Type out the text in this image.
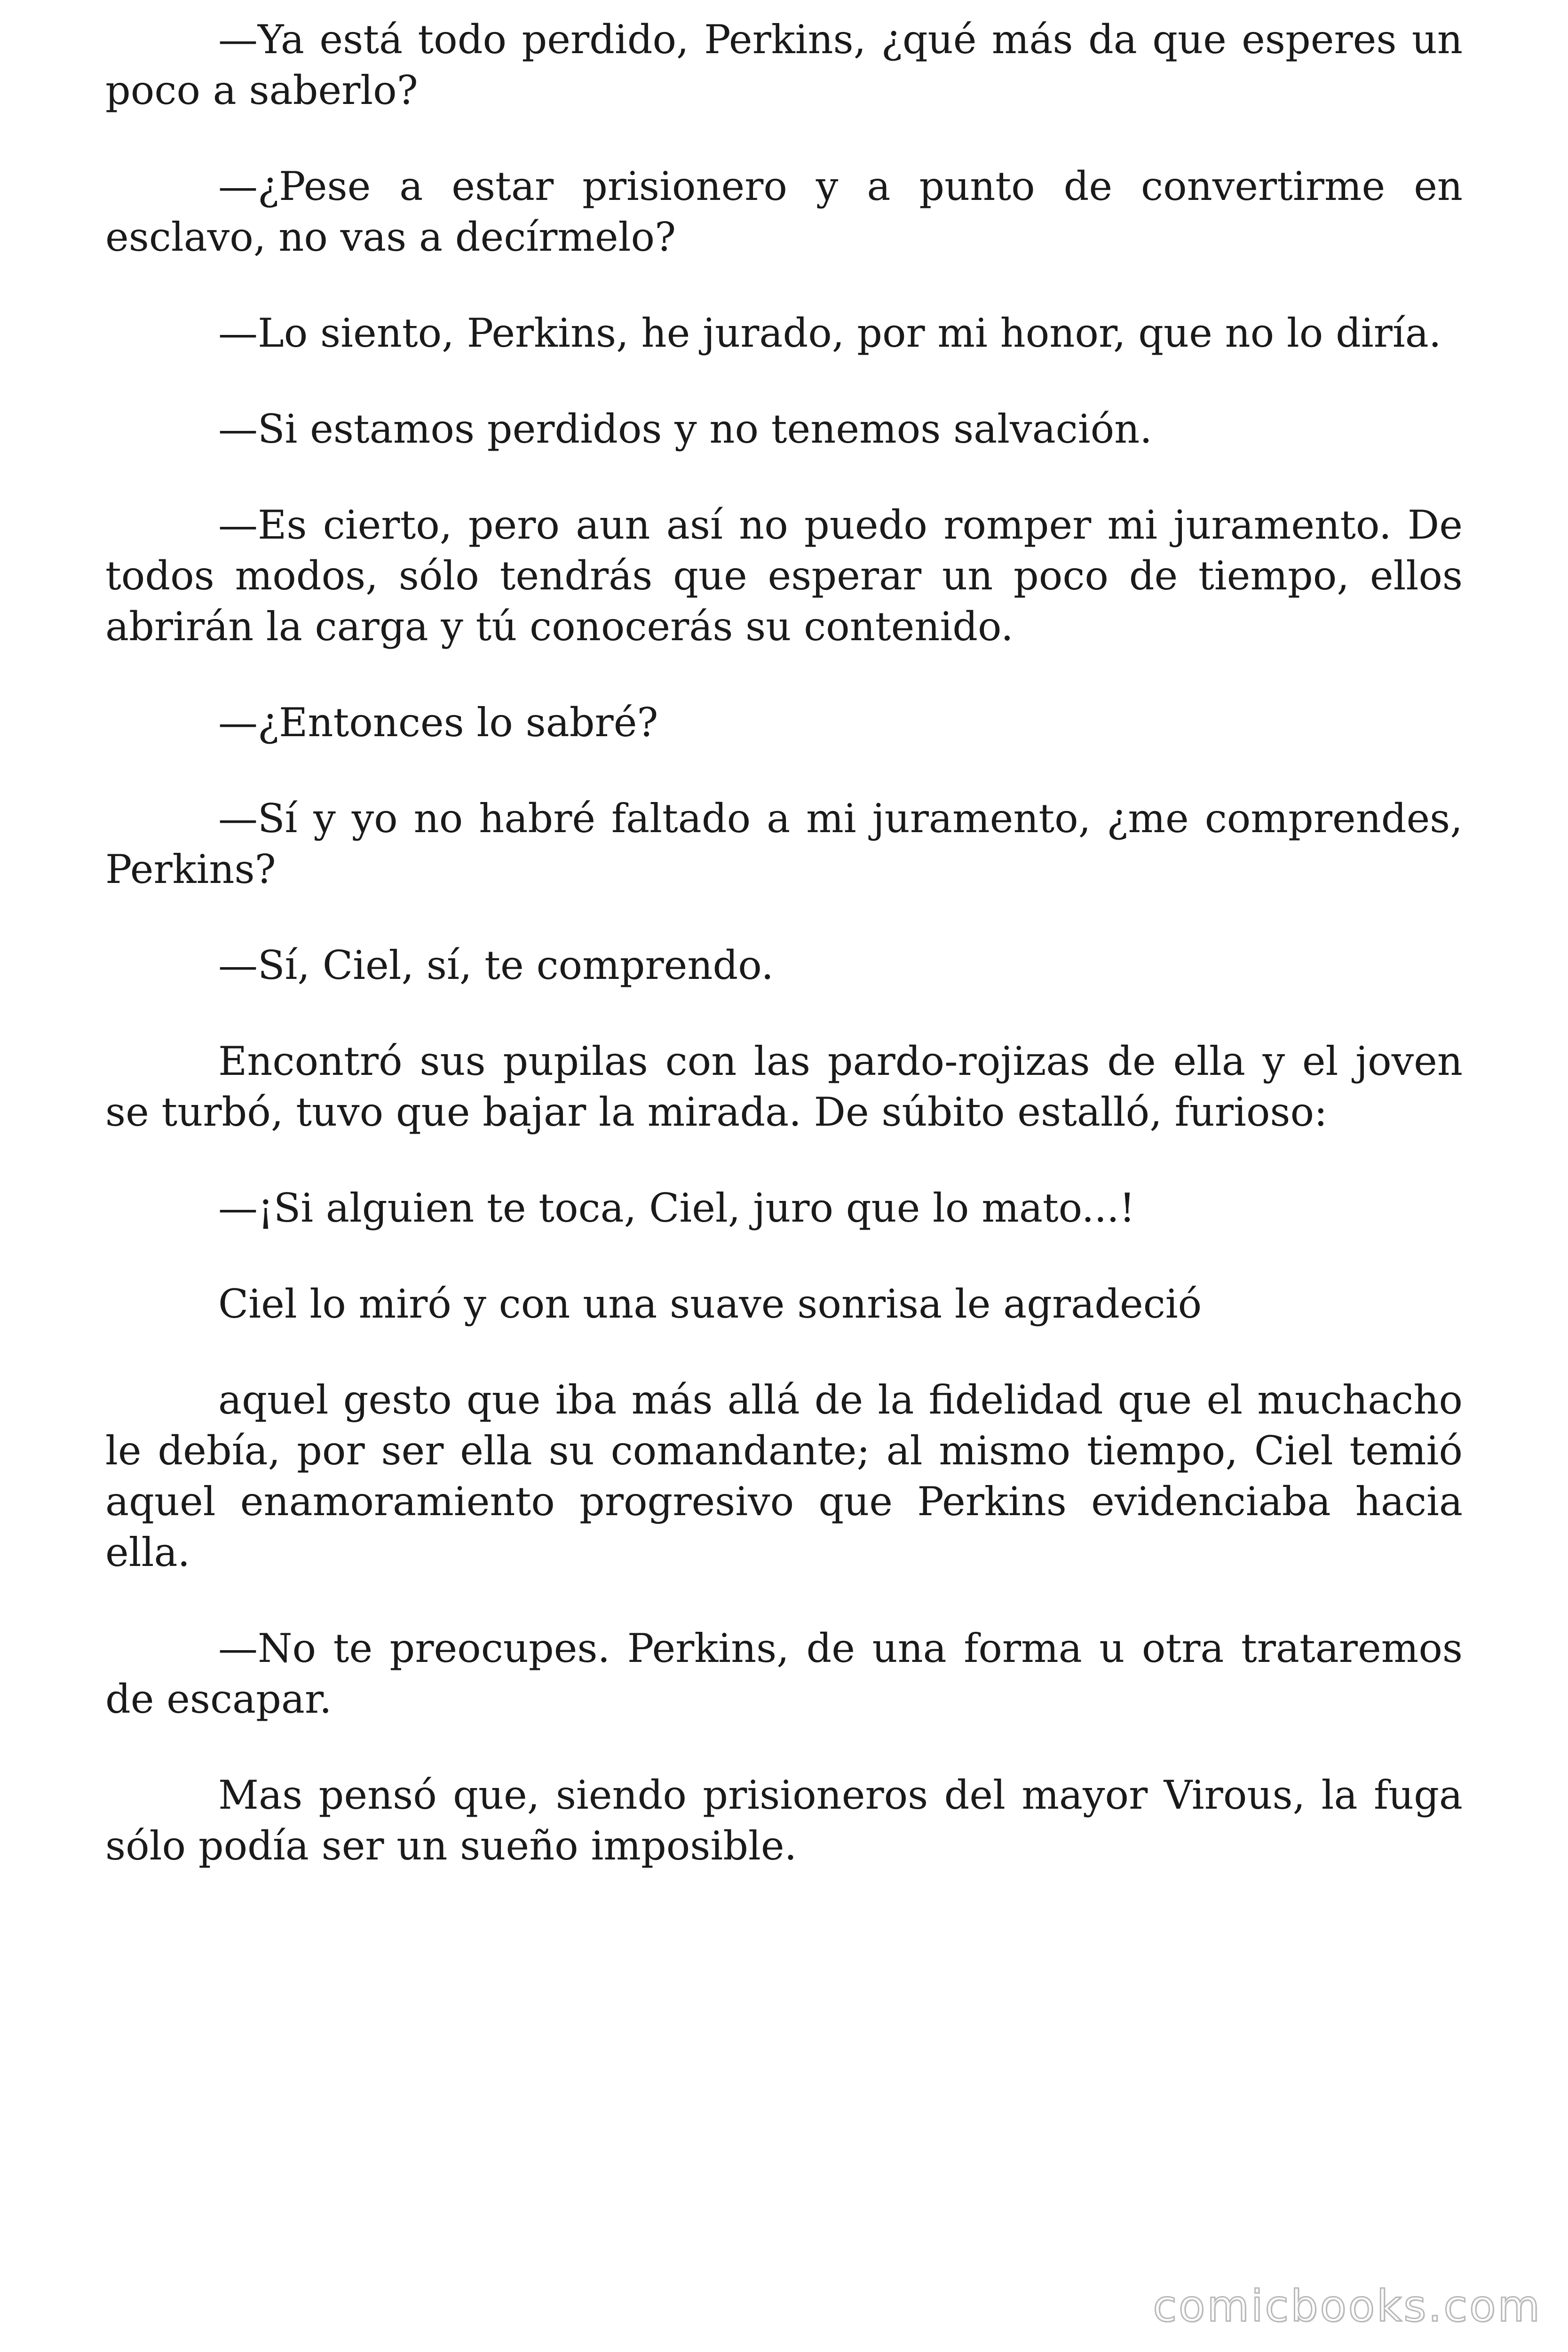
—Ya está todo perdido, Perkins, ¿qué más da que esperes un poco a saberlo?

—¿Pese a estar prisionero y a punto de convertirme en esclavo, no vas a decírmelo?

—Lo siento, Perkins, he jurado, por mi honor, que no lo diría.

—Si estamos perdidos y no tenemos salvación.

—Es cierto, pero aun así no puedo romper mi juramento. De todos modos, sólo tendrás que esperar un poco de tiempo, ellos abrirán la carga y tú conocerás su contenido.

—¿Entonces lo sabré?

—Sí y yo no habré faltado a mi juramento, ¿me comprendes, Perkins?

—Sí, Ciel, sí, te comprendo.

Encontró sus pupilas con las pardo-rojizas de ella y el joven se turbó, tuvo que bajar la mirada. De súbito estalló, furioso:

—¡Si alguien te toca, Ciel, juro que lo mato...!

Ciel lo miró y con una suave sonrisa le agradeció

aquel gesto que iba más allá de la fidelidad que el muchacho le debía, por ser ella su comandante; al mismo tiempo, Ciel temió aquel enamoramiento progresivo que Perkins evidenciaba hacia ella.

—No te preocupes. Perkins, de una forma u otra trataremos de escapar.

Mas pensó que, siendo prisioneros del mayor Virous, la fuga sólo podía ser un sueño imposible.

comicbooks.com
